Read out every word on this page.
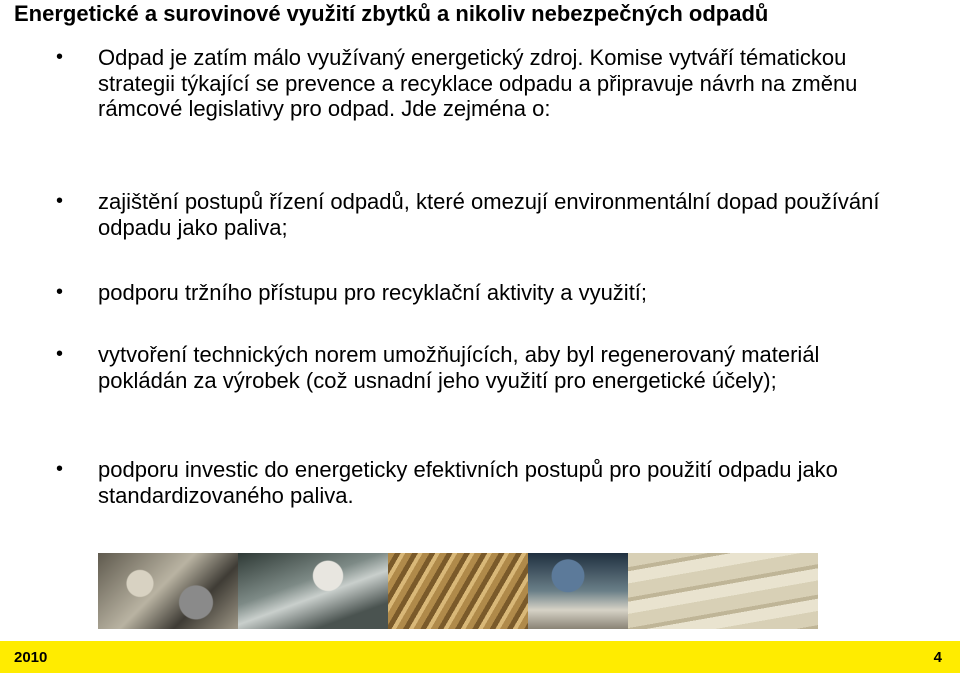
Energetické a surovinové využití zbytků a nikoliv nebezpečných odpadů
•	Odpad je zatím málo využívaný energetický zdroj. Komise vytváří tématickou strategii týkající se prevence a recyklace odpadu a připravuje návrh na změnu rámcové legislativy pro odpad. Jde zejména o:
•	zajištění postupů řízení odpadů, které omezují environmentální dopad používání odpadu jako paliva;
•	podporu tržního přístupu pro recyklační aktivity a využití;
•	vytvoření technických norem umožňujících, aby byl regenerovaný materiál pokládán za výrobek (což usnadní jeho využití pro energetické účely);
•	podporu investic do energeticky efektivních postupů pro použití odpadu jako standardizovaného paliva.
2010	4
